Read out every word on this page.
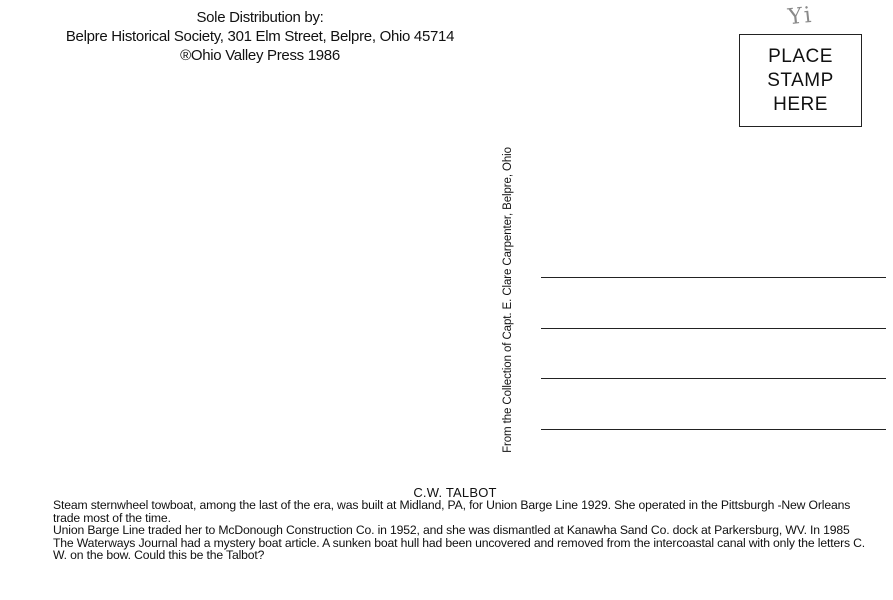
Sole Distribution by:
Belpre Historical Society, 301 Elm Street, Belpre, Ohio 45714
®Ohio Valley Press 1986
Yi
PLACE
STAMP
HERE
From the Collection of Capt. E. Clare Carpenter, Belpre, Ohio
C.W. TALBOT

Steam sternwheel towboat, among the last of the era, was built at Midland, PA, for Union Barge Line 1929. She operated in the Pittsburgh -New Orleans trade most of the time.

Union Barge Line traded her to McDonough Construction Co. in 1952, and she was dismantled at Kanawha Sand Co. dock at Parkersburg, WV. In 1985 The Waterways Journal had a mystery boat article. A sunken boat hull had been uncovered and removed from the intercoastal canal with only the letters C. W. on the bow. Could this be the Talbot?
